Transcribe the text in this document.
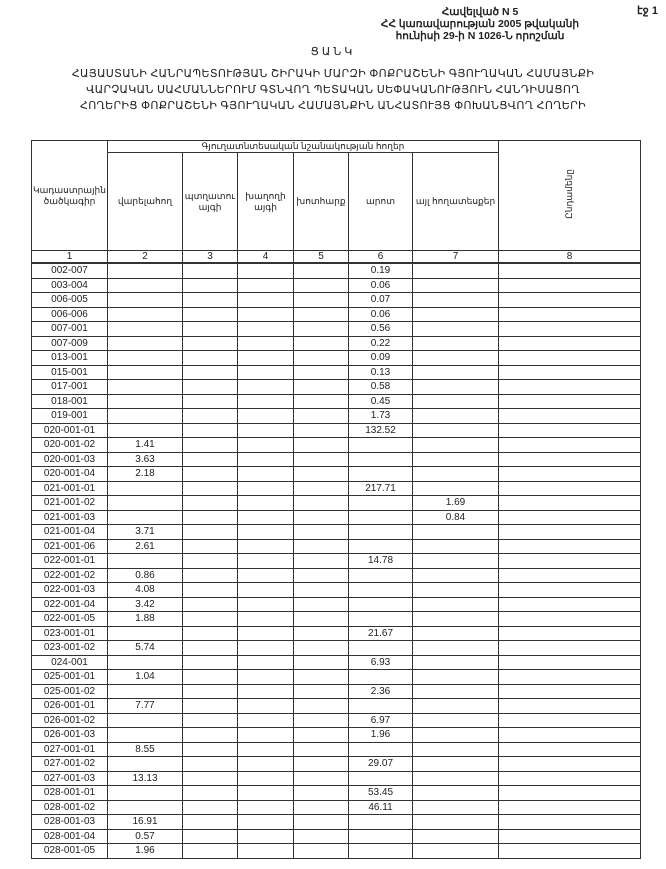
էջ 1
Հավելված N 5
ՀՀ կառավարության 2005 թվականի
հունիսի 29-ի N 1026-Ն որոշման
ՑԱՆԿ
ՀԱՅԱՍՏԱՆԻ ՀԱՆՐԱՊԵՏՈՒԹՅԱՆ ՇԻՐԱԿԻ ՄԱՐԶԻ ՓՈՔՐԱՇԵՆԻ ԳՅՈՒՂԱԿԱՆ ՀԱՄԱՅՆՔԻ
ՎԱՐՉԱԿԱՆ ՍԱՀՄԱՆՆԵՐՈՒՄ ԳՏՆՎՈՂ ՊԵՏԱԿԱՆ ՍԵՓԱԿԱՆՈՒԹՅՈՒՆ ՀԱՆԴԻՍԱՑՈՂ
ՀՈՂԵՐԻՑ ՓՈՔՐԱՇԵՆԻ ԳՅՈՒՂԱԿԱՆ ՀԱՄԱՅՆՔԻՆ ԱՆՀԱՏՈՒՅՑ ՓՈԽԱՆՑՎՈՂ ՀՈՂԵՐԻ
Կադաստրային ծածկագիր	Գյուղատնտեսական նշանակության հողեր						Ընդամենը
	վարելահող	պտղատու այգի	խաղողի այգի	խոտհարք	արոտ	այլ հողատեսքեր	
1	2	3	4	5	6	7	8
002-007					0.19		
003-004					0.06		
006-005					0.07		
006-006					0.06		
007-001					0.56		
007-009					0.22		
013-001					0.09		
015-001					0.13		
017-001					0.58		
018-001					0.45		
019-001					1.73		
020-001-01					132.52		
020-001-02	1.41						
020-001-03	3.63						
020-001-04	2.18						
021-001-01					217.71		
021-001-02						1.69	
021-001-03						0.84	
021-001-04	3.71						
021-001-06	2.61						
022-001-01					14.78		
022-001-02	0.86						
022-001-03	4.08						
022-001-04	3.42						
022-001-05	1.88						
023-001-01					21.67		
023-001-02	5.74						
024-001					6.93		
025-001-01	1.04						
025-001-02					2.36		
026-001-01	7.77						
026-001-02					6.97		
026-001-03					1.96		
027-001-01	8.55						
027-001-02					29.07		
027-001-03	13.13						
028-001-01					53.45		
028-001-02					46.11		
028-001-03	16.91						
028-001-04	0.57						
028-001-05	1.96						
